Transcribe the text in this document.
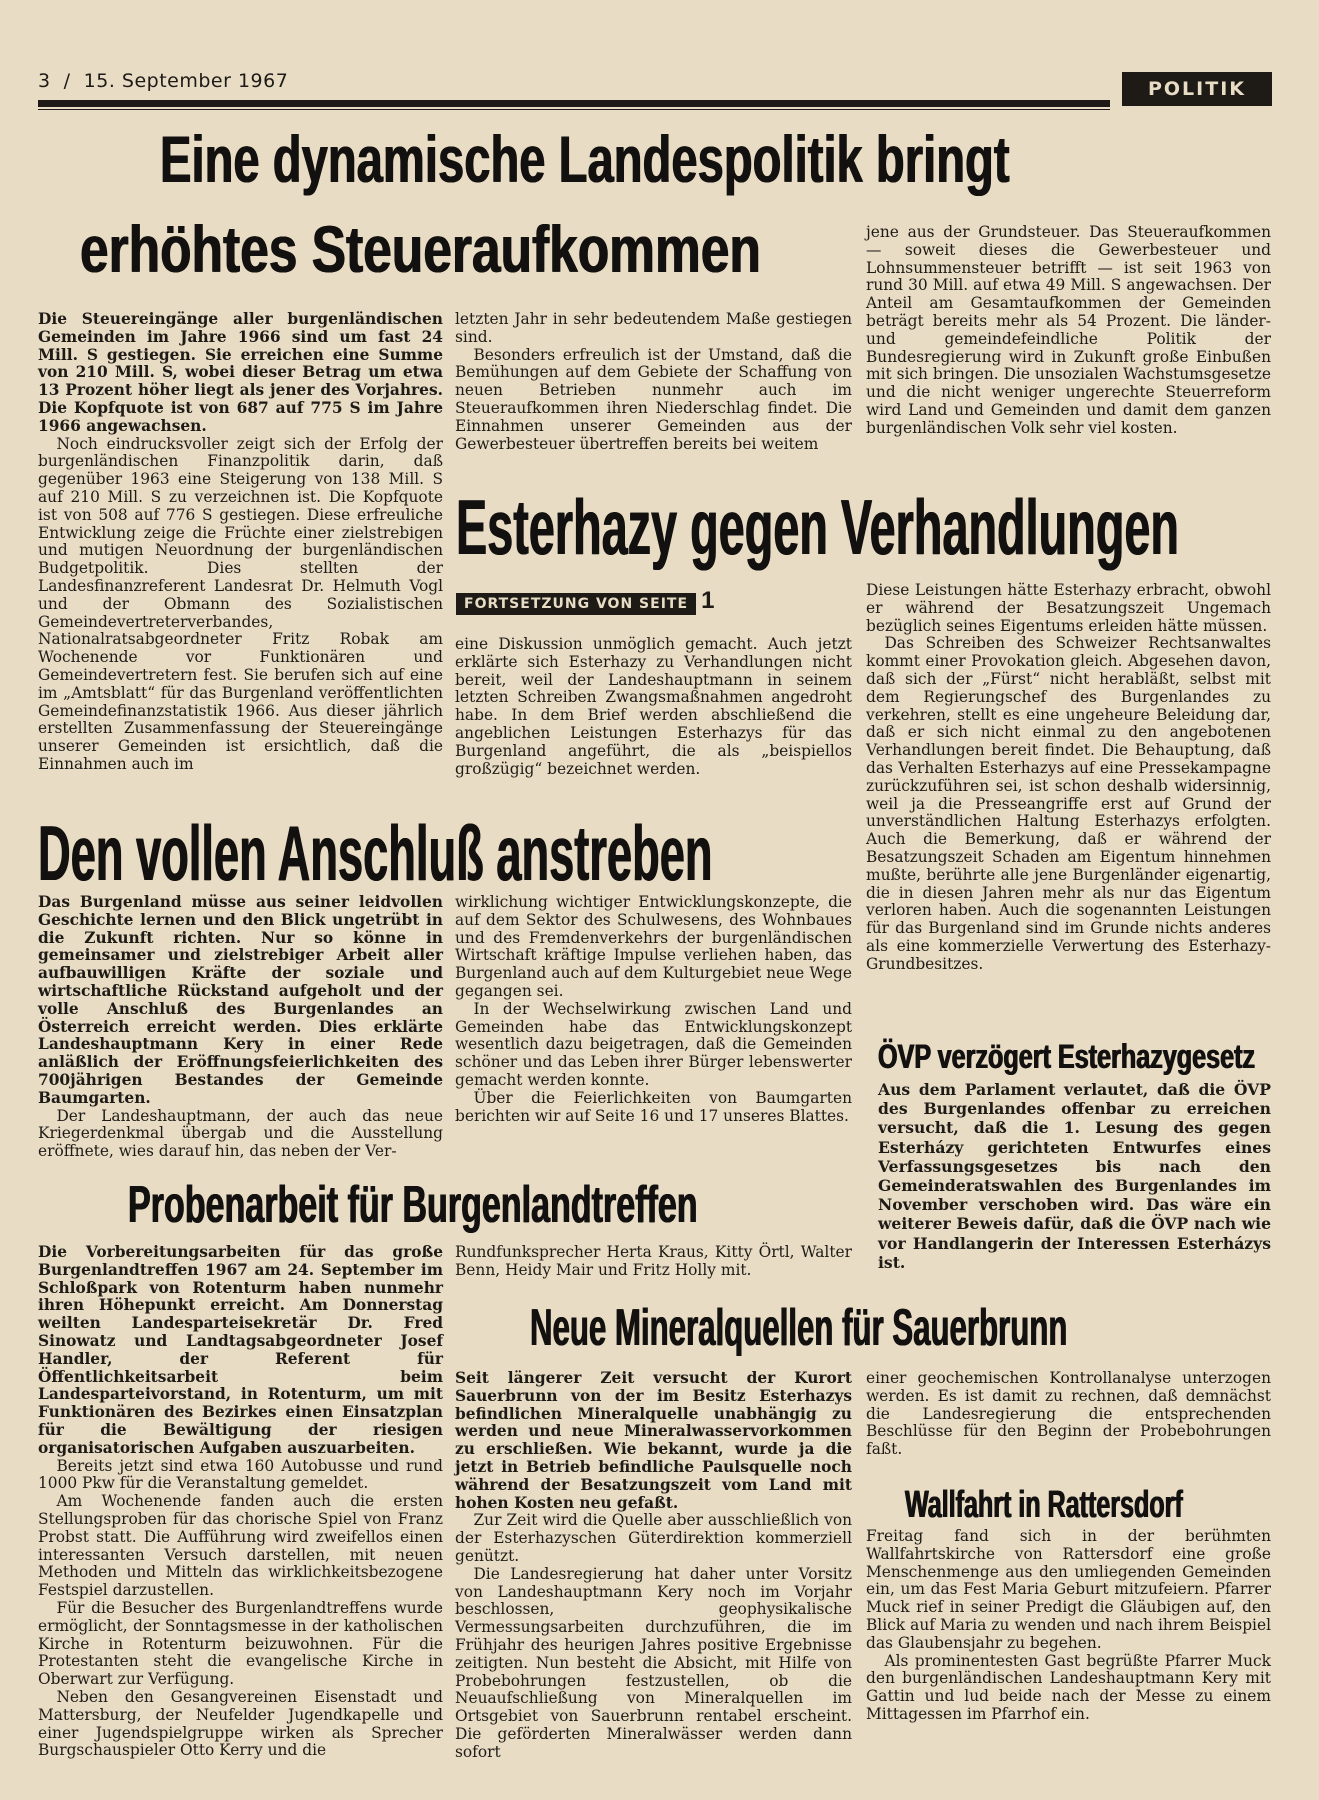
3  /  15. September 1967	POLITIK
Eine dynamische Landespolitik bringt
erhöhtes Steueraufkommen

Die Steuereingänge aller burgenländischen Gemeinden im Jahre 1966 sind um fast 24 Mill. S gestiegen. Sie erreichen eine Summe von 210 Mill. S, wobei dieser Betrag um etwa 13 Prozent höher liegt als jener des Vorjahres. Die Kopfquote ist von 687 auf 775 S im Jahre 1966 angewachsen.

Noch eindrucksvoller zeigt sich der Erfolg der burgenländischen Finanzpolitik darin, daß gegenüber 1963 eine Steigerung von 138 Mill. S auf 210 Mill. S zu verzeichnen ist. Die Kopfquote ist von 508 auf 776 S gestiegen. Diese erfreuliche Entwicklung zeige die Früchte einer zielstrebigen und mutigen Neuordnung der burgenländischen Budgetpolitik. Dies stellten der Landesfinanzreferent Landesrat Dr. Helmuth Vogl und der Obmann des Sozialistischen Gemeindevertreterverbandes, Nationalratsabgeordneter Fritz Robak am Wochenende vor Funktionären und Gemeindevertretern fest. Sie berufen sich auf eine im „Amtsblatt“ für das Burgenland veröffentlichten Gemeindefinanzstatistik 1966. Aus dieser jährlich erstellten Zusammenfassung der Steuereingänge unserer Gemeinden ist ersichtlich, daß die Einnahmen auch im

letzten Jahr in sehr bedeutendem Maße gestiegen sind.

Besonders erfreulich ist der Umstand, daß die Bemühungen auf dem Gebiete der Schaffung von neuen Betrieben nunmehr auch im Steueraufkommen ihren Niederschlag findet. Die Einnahmen unserer Gemeinden aus der Gewerbesteuer übertreffen bereits bei weitem

jene aus der Grundsteuer. Das Steueraufkommen — soweit dieses die Gewerbesteuer und Lohnsummensteuer betrifft — ist seit 1963 von rund 30 Mill. auf etwa 49 Mill. S angewachsen. Der Anteil am Gesamtaufkommen der Gemeinden beträgt bereits mehr als 54 Prozent. Die länder- und gemeindefeindliche Politik der Bundesregierung wird in Zukunft große Einbußen mit sich bringen. Die unsozialen Wachstumsgesetze und die nicht weniger ungerechte Steuerreform wird Land und Gemeinden und damit dem ganzen burgenländischen Volk sehr viel kosten.

Esterhazy gegen Verhandlungen
FORTSETZUNG VON SEITE 1

eine Diskussion unmöglich gemacht. Auch jetzt erklärte sich Esterhazy zu Verhandlungen nicht bereit, weil der Landeshauptmann in seinem letzten Schreiben Zwangsmaßnahmen angedroht habe. In dem Brief werden abschließend die angeblichen Leistungen Esterhazys für das Burgenland angeführt, die als „beispiellos großzügig“ bezeichnet werden.

Diese Leistungen hätte Esterhazy erbracht, obwohl er während der Besatzungszeit Ungemach bezüglich seines Eigentums erleiden hätte müssen.

Das Schreiben des Schweizer Rechtsanwaltes kommt einer Provokation gleich. Abgesehen davon, daß sich der „Fürst“ nicht herabläßt, selbst mit dem Regierungschef des Burgenlandes zu verkehren, stellt es eine ungeheure Beleidung dar, daß er sich nicht einmal zu den angebotenen Verhandlungen bereit findet. Die Behauptung, daß das Verhalten Esterhazys auf eine Pressekampagne zurückzuführen sei, ist schon deshalb widersinnig, weil ja die Presseangriffe erst auf Grund der unverständlichen Haltung Esterhazys erfolgten. Auch die Bemerkung, daß er während der Besatzungszeit Schaden am Eigentum hinnehmen mußte, berührte alle jene Burgenländer eigenartig, die in diesen Jahren mehr als nur das Eigentum verloren haben. Auch die sogenannten Leistungen für das Burgenland sind im Grunde nichts anderes als eine kommerzielle Verwertung des Esterhazy-Grundbesitzes.

Den vollen Anschluß anstreben

Das Burgenland müsse aus seiner leidvollen Geschichte lernen und den Blick ungetrübt in die Zukunft richten. Nur so könne in gemeinsamer und zielstrebiger Arbeit aller aufbauwilligen Kräfte der soziale und wirtschaftliche Rückstand aufgeholt und der volle Anschluß des Burgenlandes an Österreich erreicht werden. Dies erklärte Landeshauptmann Kery in einer Rede anläßlich der Eröffnungsfeierlichkeiten des 700jährigen Bestandes der Gemeinde Baumgarten.

Der Landeshauptmann, der auch das neue Kriegerdenkmal übergab und die Ausstellung eröffnete, wies darauf hin, das neben der Ver-

wirklichung wichtiger Entwicklungskonzepte, die auf dem Sektor des Schulwesens, des Wohnbaues und des Fremdenverkehrs der burgenländischen Wirtschaft kräftige Impulse verliehen haben, das Burgenland auch auf dem Kulturgebiet neue Wege gegangen sei.

In der Wechselwirkung zwischen Land und Gemeinden habe das Entwicklungskonzept wesentlich dazu beigetragen, daß die Gemeinden schöner und das Leben ihrer Bürger lebenswerter gemacht werden konnte.

Über die Feierlichkeiten von Baumgarten berichten wir auf Seite 16 und 17 unseres Blattes.

ÖVP verzögert Esterhazygesetz
Aus dem Parlament verlautet, daß die ÖVP des Burgenlandes offenbar zu erreichen versucht, daß die 1. Lesung des gegen Esterházy gerichteten Entwurfes eines Verfassungsgesetzes bis nach den Gemeinderatswahlen des Burgenlandes im November verschoben wird. Das wäre ein weiterer Beweis dafür, daß die ÖVP nach wie vor Handlangerin der Interessen Esterházys ist.
Probenarbeit für Burgenlandtreffen

Die Vorbereitungsarbeiten für das große Burgenlandtreffen 1967 am 24. September im Schloßpark von Rotenturm haben nunmehr ihren Höhepunkt erreicht. Am Donnerstag weilten Landesparteisekretär Dr. Fred Sinowatz und Landtagsabgeordneter Josef Handler, der Referent für Öffentlichkeitsarbeit beim Landesparteivorstand, in Rotenturm, um mit Funktionären des Bezirkes einen Einsatzplan für die Bewältigung der riesigen organisatorischen Aufgaben auszuarbeiten.

Bereits jetzt sind etwa 160 Autobusse und rund 1000 Pkw für die Veranstaltung gemeldet.

Am Wochenende fanden auch die ersten Stellungsproben für das chorische Spiel von Franz Probst statt. Die Aufführung wird zweifellos einen interessanten Versuch darstellen, mit neuen Methoden und Mitteln das wirklichkeitsbezogene Festspiel darzustellen.

Für die Besucher des Burgenlandtreffens wurde ermöglicht, der Sonntagsmesse in der katholischen Kirche in Rotenturm beizuwohnen. Für die Protestanten steht die evangelische Kirche in Oberwart zur Verfügung.

Neben den Gesangvereinen Eisenstadt und Mattersburg, der Neufelder Jugendkapelle und einer Jugendspielgruppe wirken als Sprecher Burgschauspieler Otto Kerry und die

Rundfunksprecher Herta Kraus, Kitty Örtl, Walter Benn, Heidy Mair und Fritz Holly mit.

Neue Mineralquellen für Sauerbrunn

Seit längerer Zeit versucht der Kurort Sauerbrunn von der im Besitz Esterhazys befindlichen Mineralquelle unabhängig zu werden und neue Mineralwasservorkommen zu erschließen. Wie bekannt, wurde ja die jetzt in Betrieb befindliche Paulsquelle noch während der Besatzungszeit vom Land mit hohen Kosten neu gefaßt.

Zur Zeit wird die Quelle aber ausschließlich von der Esterhazyschen Güterdirektion kommerziell genützt.

Die Landesregierung hat daher unter Vorsitz von Landeshauptmann Kery noch im Vorjahr beschlossen, geophysikalische Vermessungsarbeiten durchzuführen, die im Frühjahr des heurigen Jahres positive Ergebnisse zeitigten. Nun besteht die Absicht, mit Hilfe von Probebohrungen festzustellen, ob die Neuaufschließung von Mineralquellen im Ortsgebiet von Sauerbrunn rentabel erscheint. Die geförderten Mineralwässer werden dann sofort

einer geochemischen Kontrollanalyse unterzogen werden. Es ist damit zu rechnen, daß demnächst die Landesregierung die entsprechenden Beschlüsse für den Beginn der Probebohrungen faßt.

Wallfahrt in Rattersdorf

Freitag fand sich in der berühmten Wallfahrtskirche von Rattersdorf eine große Menschenmenge aus den umliegenden Gemeinden ein, um das Fest Maria Geburt mitzufeiern. Pfarrer Muck rief in seiner Predigt die Gläubigen auf, den Blick auf Maria zu wenden und nach ihrem Beispiel das Glaubensjahr zu begehen.

Als prominentesten Gast begrüßte Pfarrer Muck den burgenländischen Landeshauptmann Kery mit Gattin und lud beide nach der Messe zu einem Mittagessen im Pfarrhof ein.
